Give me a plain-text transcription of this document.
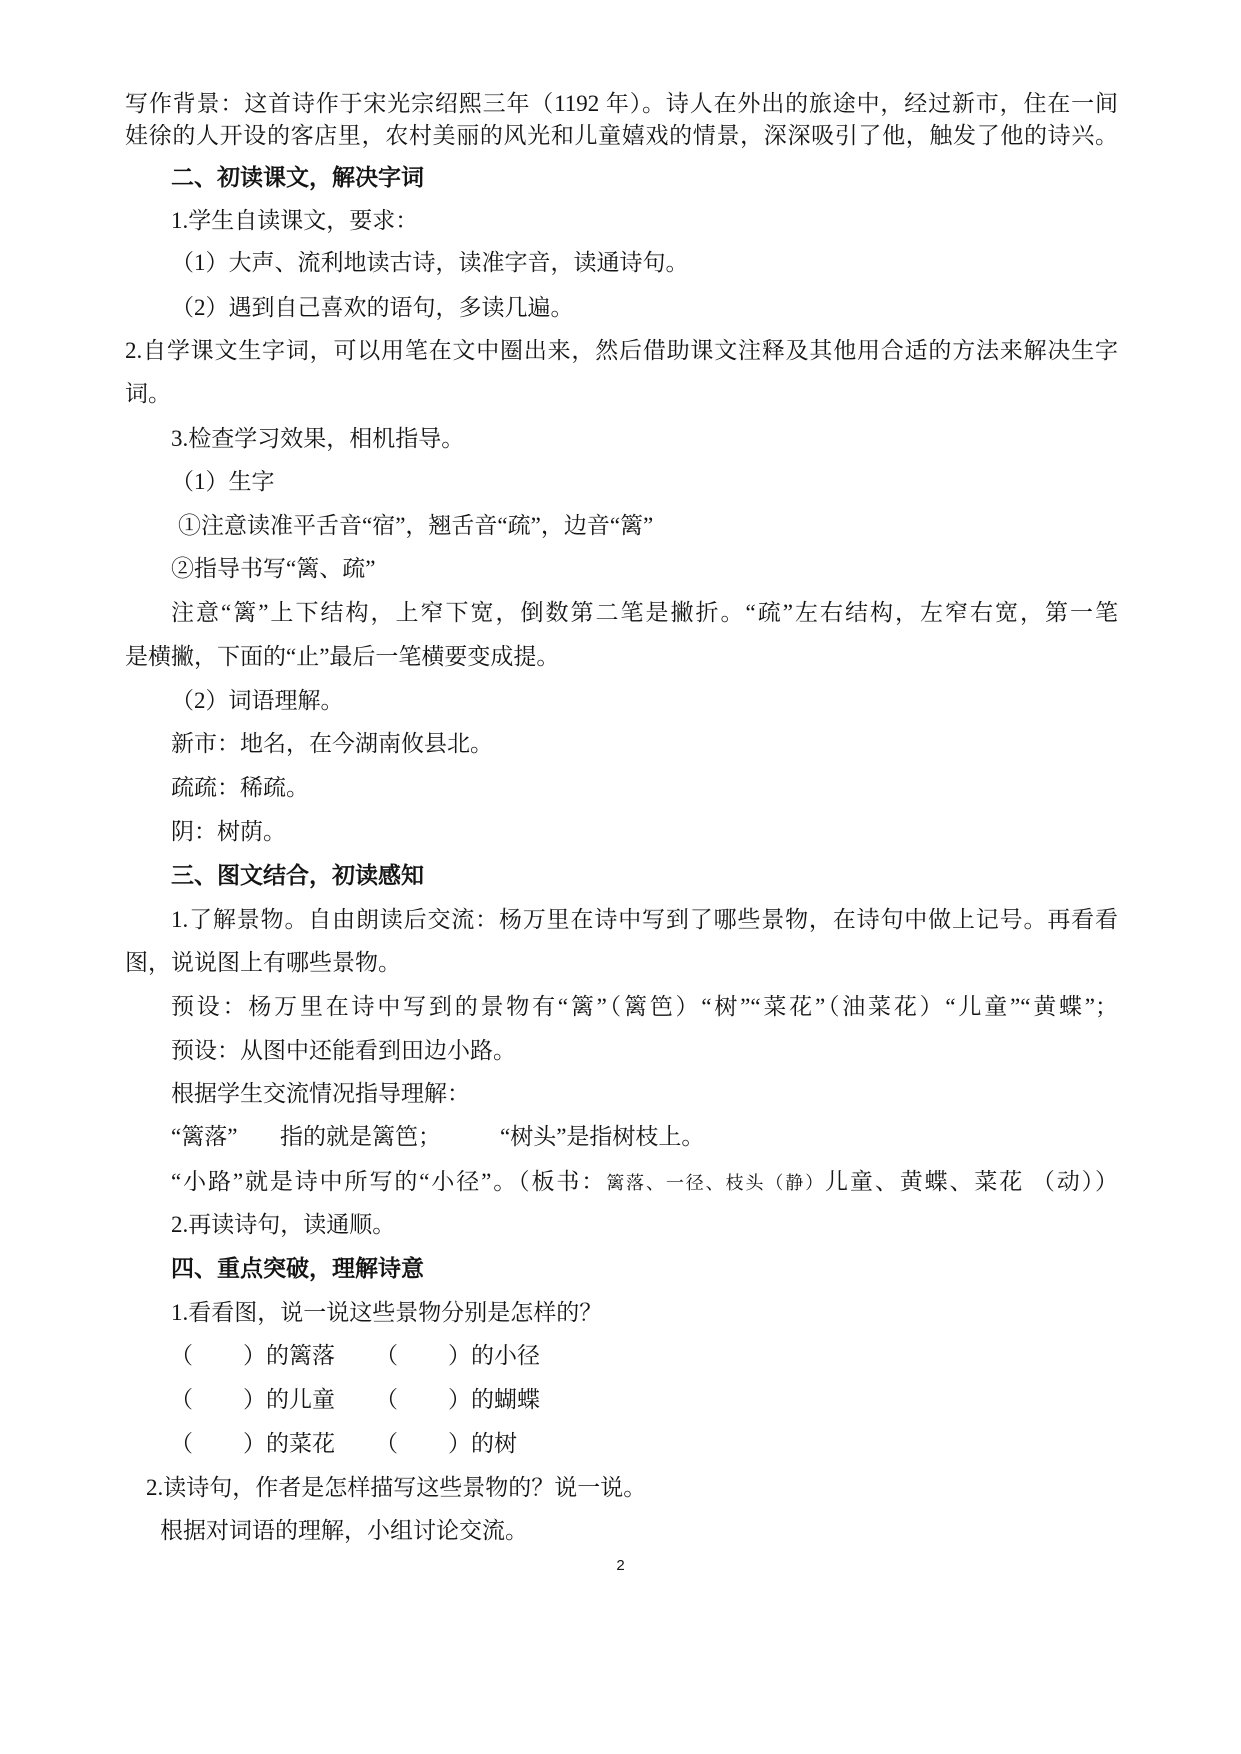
写作背景：这首诗作于宋光宗绍熙三年（1192 年）。诗人在外出的旅途中，经过新市，住在一间
娃徐的人开设的客店里，农村美丽的风光和儿童嬉戏的情景，深深吸引了他，触发了他的诗兴。
二、初读课文，解决字词
1.学生自读课文，要求：
（1）大声、流利地读古诗，读准字音，读通诗句。
（2）遇到自己喜欢的语句，多读几遍。
2.自学课文生字词，可以用笔在文中圈出来，然后借助课文注释及其他用合适的方法来解决生字
词。
3.检查学习效果，相机指导。
（1）生字
①注意读准平舌音“宿”，翘舌音“疏”，边音“篱”
②指导书写“篱、疏”
注意“篱”上下结构，上窄下宽，倒数第二笔是撇折。“疏”左右结构，左窄右宽，第一笔
是横撇，下面的“止”最后一笔横要变成提。
（2）词语理解。
新市：地名，在今湖南攸县北。
疏疏：稀疏。
阴：树荫。
三、图文结合，初读感知
1.了解景物。自由朗读后交流：杨万里在诗中写到了哪些景物，在诗句中做上记号。再看看
图，说说图上有哪些景物。
预设：杨万里在诗中写到的景物有“篱”（篱笆）“树”“菜花”（油菜花）“儿童”“黄蝶”；
预设：从图中还能看到田边小路。
根据学生交流情况指导理解：
“篱落” 指的就是篱笆；	“树头”是指树枝上。
“小路”就是诗中所写的“小径”。（板书：篱落、一径、枝头（静）儿童、黄蝶、菜花 （动））
2.再读诗句，读通顺。
四、重点突破，理解诗意
1.看看图，说一说这些景物分别是怎样的？
（ ）的篱落 （ ）的小径
（ ）的儿童 （ ）的蝴蝶
（ ）的菜花 （ ）的树
2.读诗句，作者是怎样描写这些景物的？说一说。
根据对词语的理解，小组讨论交流。
2
